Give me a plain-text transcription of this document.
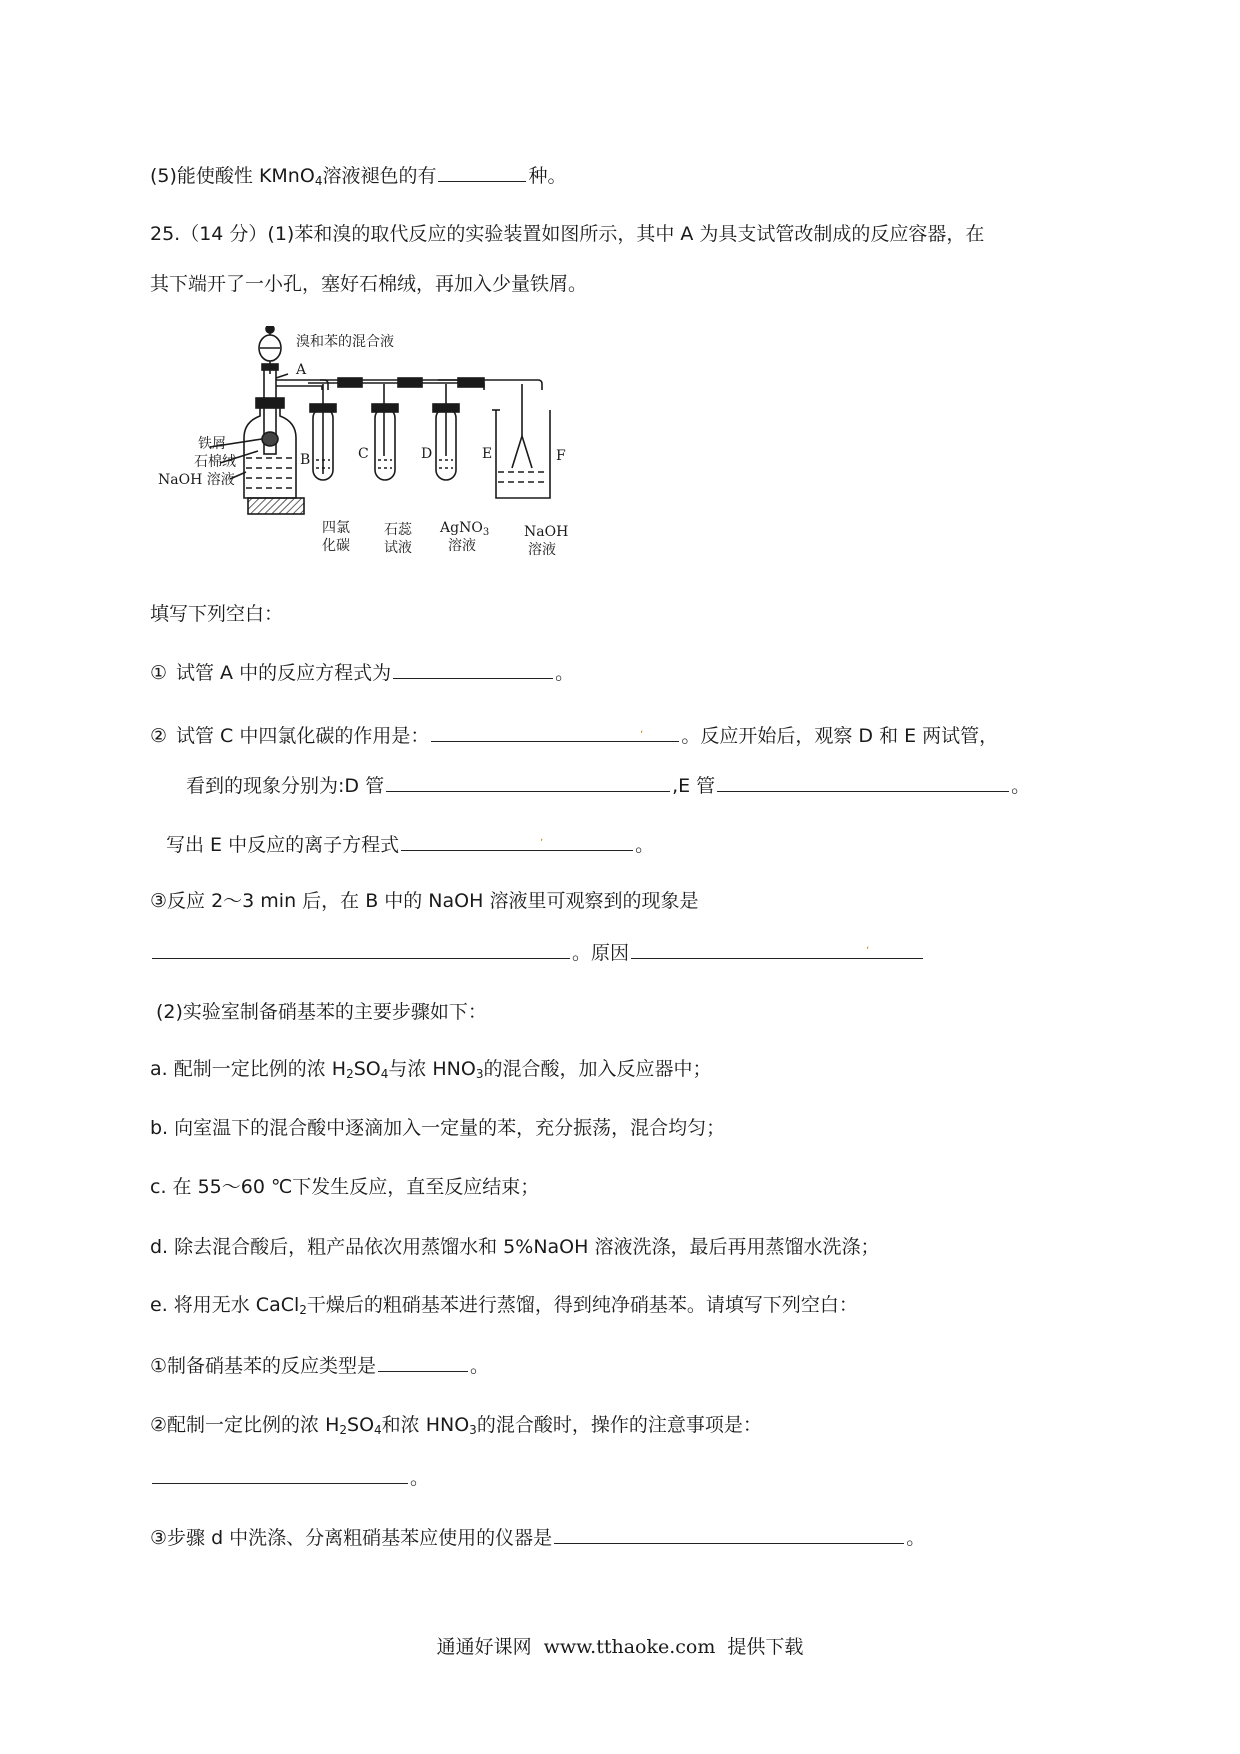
(5)能使酸性 KMnO$_4$溶液褪色的有	种。
25.（14 分）(1)苯和溴的取代反应的实验装置如图所示，其中 A 为具支试管改制成的反应容器，在
其下端开了一小孔，塞好石棉绒，再加入少量铁屑。
溴和苯的混合液
A
铁屑
石棉绒
NaOH 溶液
B	C	D	E	F
四氯
化碳
石蕊
试液
AgNO$_3$
溶液
NaOH
溶液
填写下列空白：
① 试管 A 中的反应方程式为	。
② 试管 C 中四氯化碳的作用是：	。反应开始后，观察 D 和 E 两试管，
看到的现象分别为:D 管	,E 管	。
写出 E 中反应的离子方程式	。
③反应 2～3 min 后，在 B 中的 NaOH 溶液里可观察到的现象是
。原因
(2)实验室制备硝基苯的主要步骤如下：
a. 配制一定比例的浓 $H_2SO_4$与浓 $HNO_3$的混合酸，加入反应器中；
b. 向室温下的混合酸中逐滴加入一定量的苯，充分振荡，混合均匀；
c. 在 55～60 ℃下发生反应，直至反应结束；
d. 除去混合酸后，粗产品依次用蒸馏水和 5%NaOH 溶液洗涤，最后再用蒸馏水洗涤；
e. 将用无水 CaCl$_2$干燥后的粗硝基苯进行蒸馏，得到纯净硝基苯。请填写下列空白：
①制备硝基苯的反应类型是	。
②配制一定比例的浓 $H_2SO_4$和浓 $HNO_3$的混合酸时，操作的注意事项是：
。
③步骤 d 中洗涤、分离粗硝基苯应使用的仪器是	。
ʼ
ʼ
ʼ
通通好课网 www.tthaoke.com 提供下载
